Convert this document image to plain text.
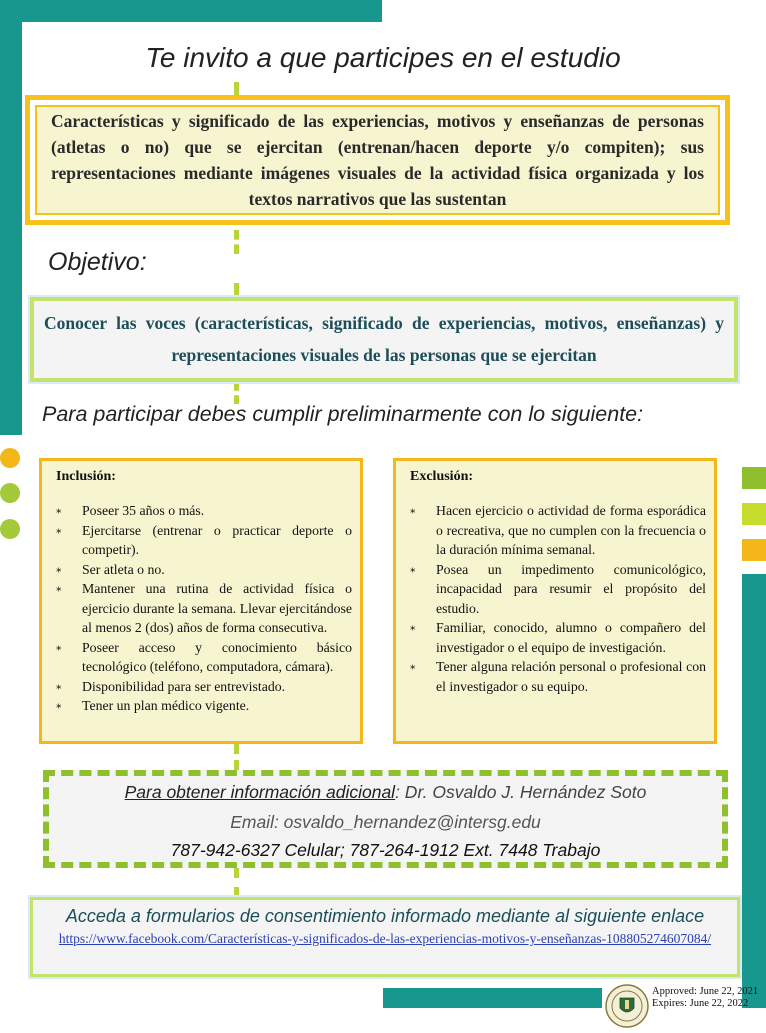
Te invito a que participes en el estudio
Características y significado de las experiencias, motivos y enseñanzas de personas (atletas o no) que se ejercitan (entrenan/hacen deporte y/o compiten); sus representaciones mediante imágenes visuales de la actividad física organizada y los textos narrativos que las sustentan
Objetivo:
Conocer las voces (características, significado de experiencias, motivos, enseñanzas) y representaciones visuales de las personas que se ejercitan
Para participar debes cumplir preliminarmente con lo siguiente:
Inclusión:
⁎ Poseer 35 años o más.
⁎ Ejercitarse (entrenar o practicar deporte o competir).
⁎ Ser atleta o no.
⁎ Mantener una rutina de actividad física o ejercicio durante la semana. Llevar ejercitándose al menos 2 (dos) años de forma consecutiva.
⁎ Poseer acceso y conocimiento básico tecnológico (teléfono, computadora, cámara).
⁎ Disponibilidad para ser entrevistado.
⁎ Tener un plan médico vigente.
Exclusión:
⁎ Hacen ejercicio o actividad de forma esporádica o recreativa, que no cumplen con la frecuencia o la duración mínima semanal.
⁎ Posea un impedimento comunicológico, incapacidad para resumir el propósito del estudio.
⁎ Familiar, conocido, alumno o compañero del investigador o el equipo de investigación.
⁎ Tener alguna relación personal o profesional con el investigador o su equipo.
Para obtener información adicional: Dr. Osvaldo J. Hernández Soto
Email: osvaldo_hernandez@intersg.edu
787-942-6327 Celular; 787-264-1912 Ext. 7448 Trabajo
Acceda a formularios de consentimiento informado mediante al siguiente enlace
https://www.facebook.com/Características-y-significados-de-las-experiencias-motivos-y-enseñanzas-108805274607084/
Approved: June 22, 2021
Expires: June 22, 2022
